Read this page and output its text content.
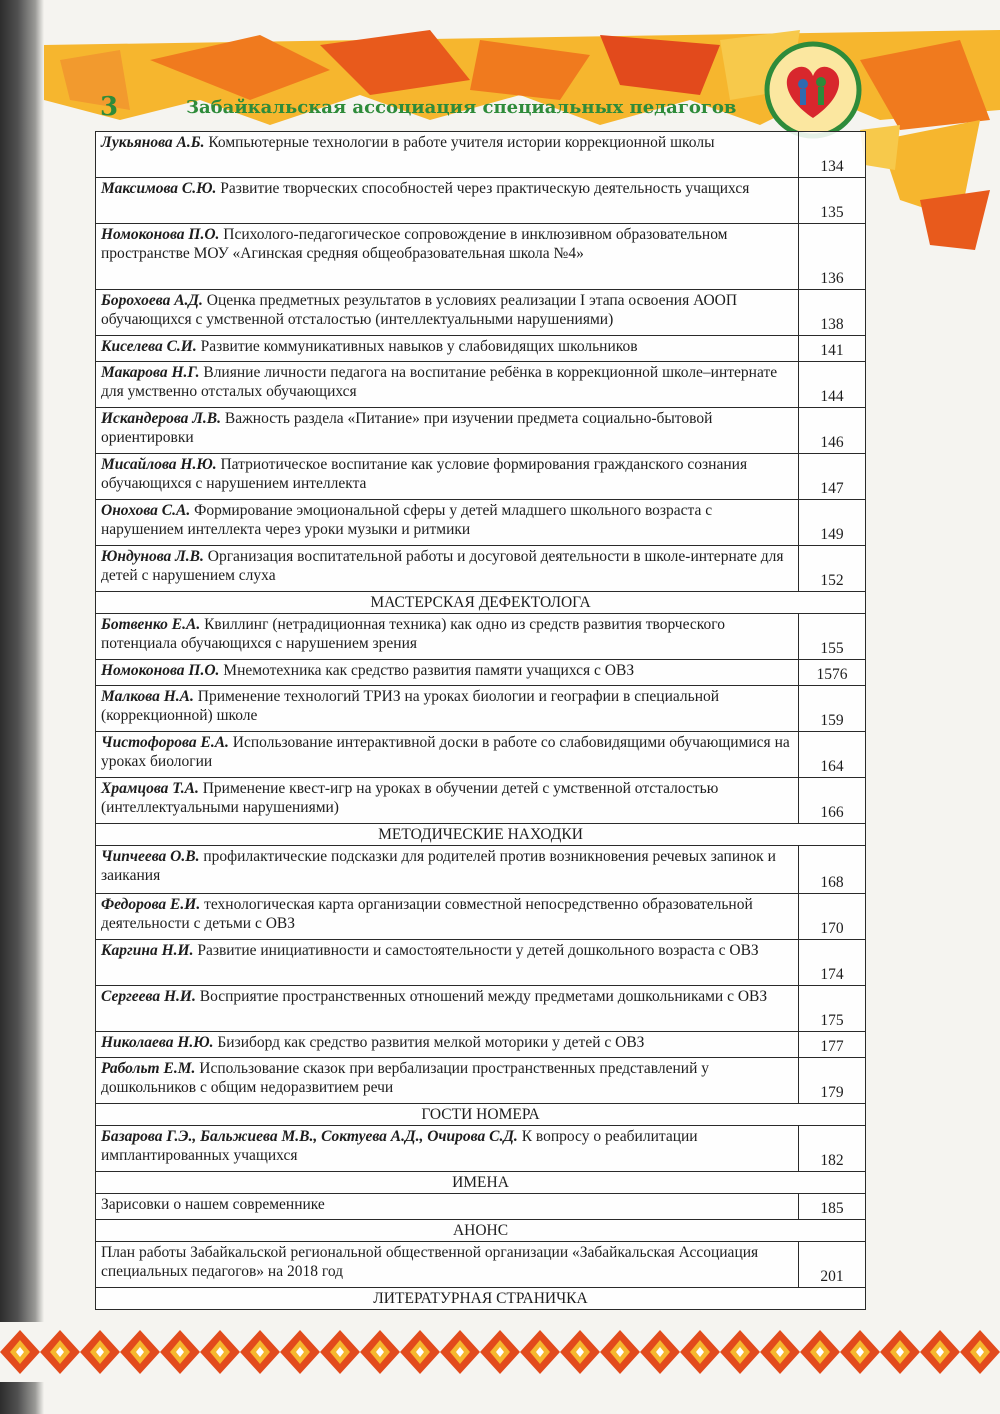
3	Забайкальская ассоциация специальных педагогов
Лукьянова А.Б. Компьютерные технологии в работе учителя истории коррекционной школы	134
Максимова С.Ю. Развитие творческих способностей через практическую деятельность учащихся	135
Номоконова П.О. Психолого-педагогическое сопровождение в инклюзивном образовательном пространстве МОУ «Агинская средняя общеобразовательная школа №4»	136
Борохоева А.Д. Оценка предметных результатов в условиях реализации I этапа освоения АООП обучающихся с умственной отсталостью (интеллектуальными нарушениями)	138
Киселева С.И. Развитие коммуникативных навыков у слабовидящих школьников	141
Макарова Н.Г. Влияние личности педагога на воспитание ребёнка в коррекционной школе–интернате для умственно отсталых обучающихся	144
Искандерова Л.В. Важность раздела «Питание» при изучении предмета социально-бытовой ориентировки	146
Мисайлова Н.Ю. Патриотическое воспитание как условие формирования гражданского сознания обучающихся с нарушением интеллекта	147
Онохова С.А. Формирование эмоциональной сферы у детей младшего школьного возраста с нарушением интеллекта через уроки музыки и ритмики	149
Юндунова Л.В. Организация воспитательной работы и досуговой деятельности в школе-интернате для детей с нарушением слуха	152
МАСТЕРСКАЯ ДЕФЕКТОЛОГА	
Ботвенко Е.А. Квиллинг (нетрадиционная техника) как одно из средств развития творческого потенциала обучающихся с нарушением зрения	155
Номоконова П.О. Мнемотехника как средство развития памяти учащихся с ОВЗ	1576
Малкова Н.А. Применение технологий ТРИЗ на уроках биологии и географии в специальной (коррекционной) школе	159
Чистофорова Е.А. Использование интерактивной доски в работе со слабовидящими обучающимися на уроках биологии	164
Храмцова Т.А. Применение квест-игр на уроках в обучении детей с умственной отсталостью (интеллектуальными нарушениями)	166
МЕТОДИЧЕСКИЕ НАХОДКИ	
Чипчеева О.В. профилактические подсказки для родителей против возникновения речевых запинок и заикания	168
Федорова Е.И. технологическая карта организации совместной непосредственно образовательной деятельности с детьми с ОВЗ	170
Каргина Н.И. Развитие инициативности и самостоятельности у детей дошкольного возраста с ОВЗ	174
Сергеева Н.И. Восприятие пространственных отношений между предметами дошкольниками с ОВЗ	175
Николаева Н.Ю. Бизиборд как средство развития мелкой моторики у детей с ОВЗ	177
Рабольт Е.М. Использование сказок при вербализации пространственных представлений у дошкольников с общим недоразвитием речи	179
ГОСТИ НОМЕРА	
Базарова Г.Э., Бальжиева М.В., Соктуева А.Д., Очирова С.Д. К вопросу о реабилитации имплантированных учащихся	182
ИМЕНА	
Зарисовки о нашем современнике	185
АНОНС	
План работы Забайкальской региональной общественной организации «Забайкальская Ассоциация специальных педагогов» на 2018 год	201
ЛИТЕРАТУРНАЯ СТРАНИЧКА	
